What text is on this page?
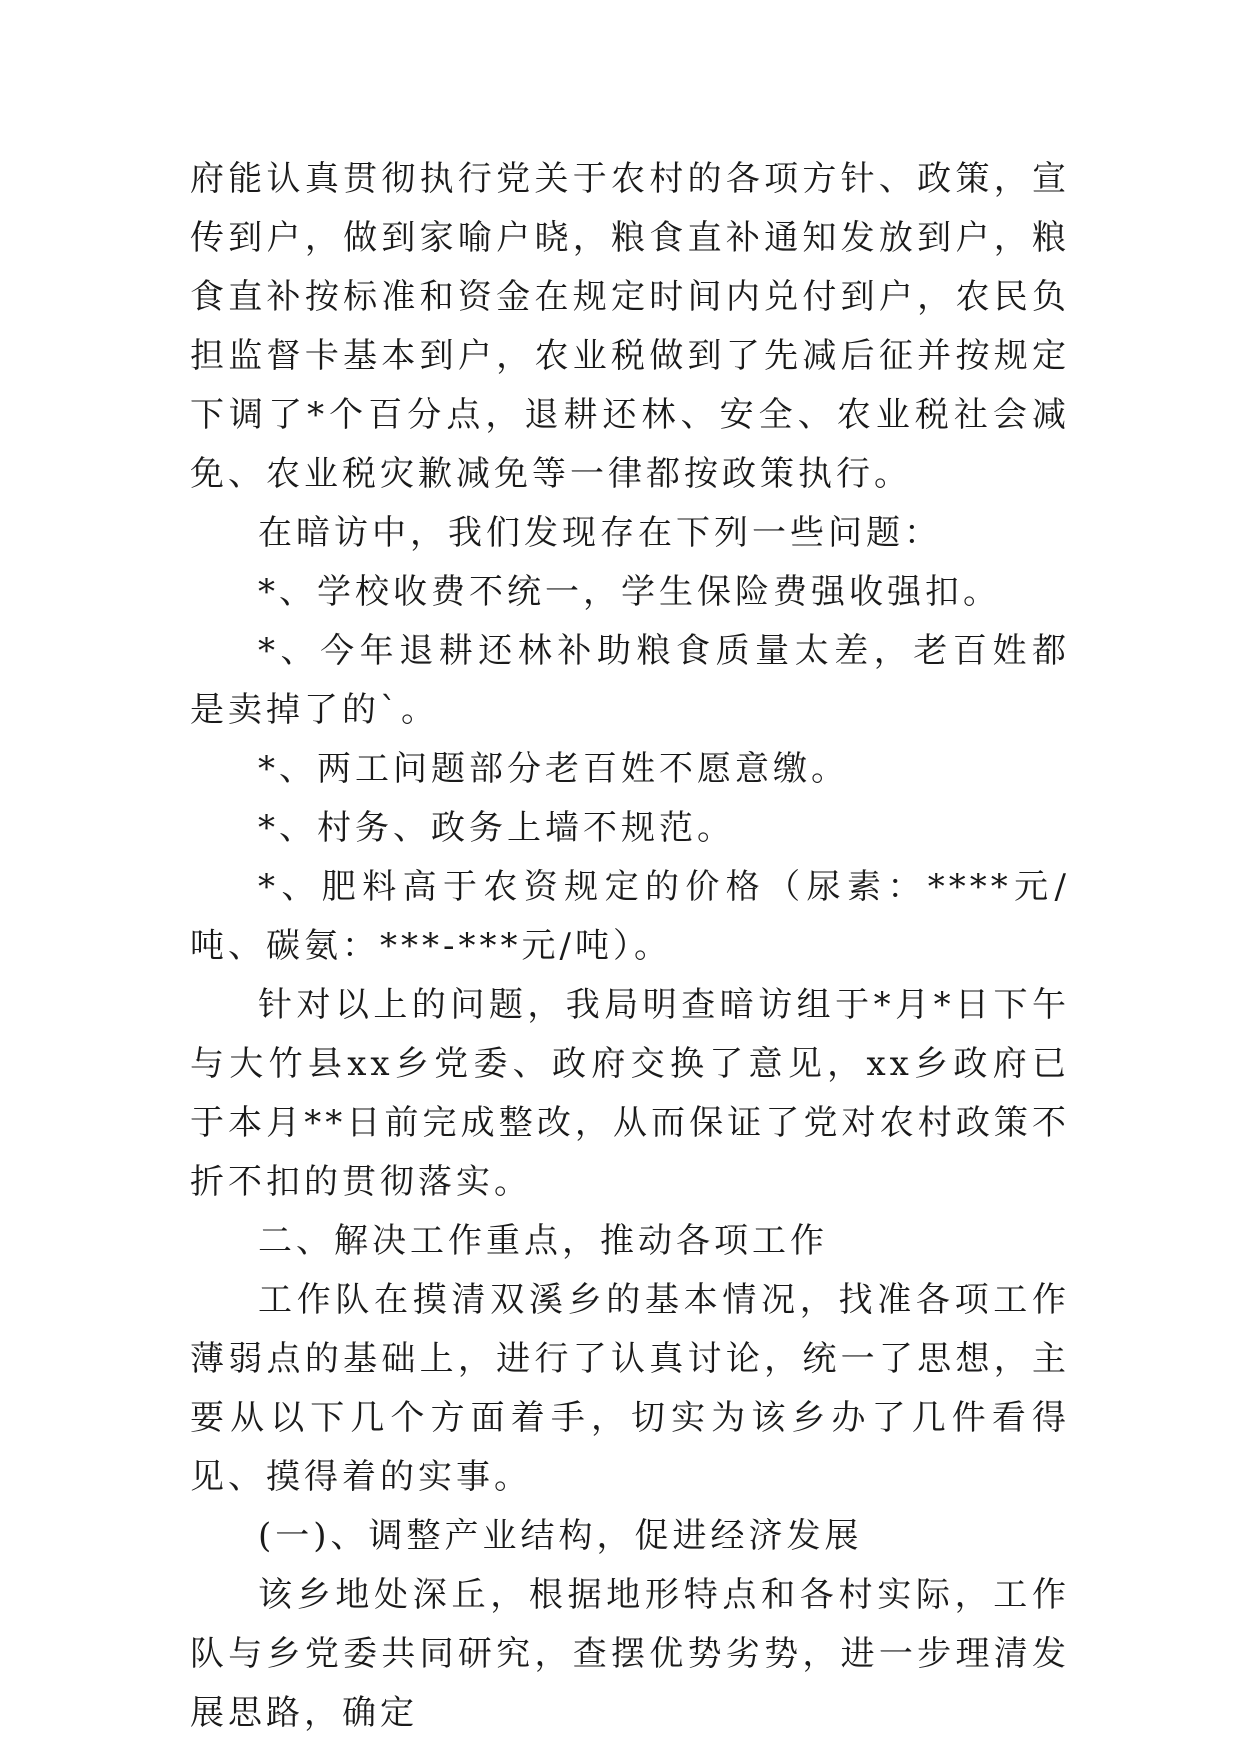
府能认真贯彻执行党关于农村的各项方针、政策，宣传到户，做到家喻户晓，粮食直补通知发放到户，粮食直补按标准和资金在规定时间内兑付到户，农民负担监督卡基本到户，农业税做到了先减后征并按规定下调了*个百分点，退耕还林、安全、农业税社会减免、农业税灾歉减免等一律都按政策执行。

在暗访中，我们发现存在下列一些问题：

*、学校收费不统一，学生保险费强收强扣。

*、今年退耕还林补助粮食质量太差，老百姓都是卖掉了的`。

*、两工问题部分老百姓不愿意缴。

*、村务、政务上墙不规范。

*、肥料高于农资规定的价格（尿素：****元/吨、碳氨：***-***元/吨）。

针对以上的问题，我局明查暗访组于*月*日下午与大竹县xx乡党委、政府交换了意见，xx乡政府已于本月**日前完成整改，从而保证了党对农村政策不折不扣的贯彻落实。

二、解决工作重点，推动各项工作

工作队在摸清双溪乡的基本情况，找准各项工作薄弱点的基础上，进行了认真讨论，统一了思想，主要从以下几个方面着手，切实为该乡办了几件看得见、摸得着的实事。

(一)、调整产业结构，促进经济发展

该乡地处深丘，根据地形特点和各村实际，工作队与乡党委共同研究，查摆优势劣势，进一步理清发展思路，确定
